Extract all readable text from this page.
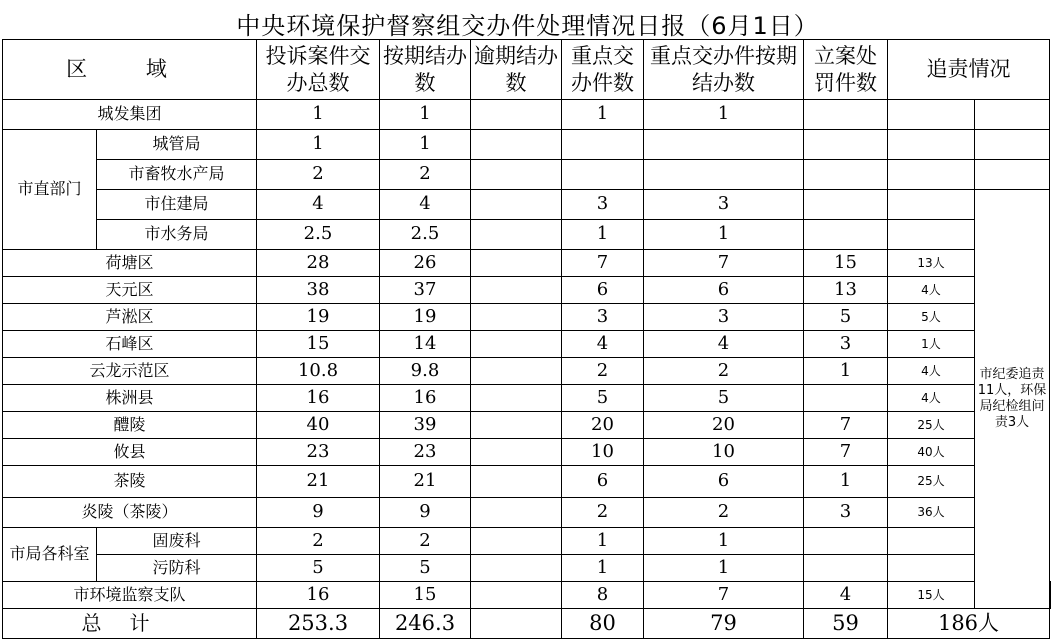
中央环境保护督察组交办件处理情况日报（6月1日）
区 域		投诉案件交办总数	按期结办数	逾期结办数	重点交办件数	重点交办件按期结办数	立案处罚件数	追责情况		
城发集团		1	1		1	1				
市直部门	城管局	1	1							
	市畜牧水产局	2	2							
	市住建局	4	4		3	3			市纪委追责11人，环保局纪检组问责3人	
	市水务局	2.5	2.5		1	1				
荷塘区		28	26		7	7	15	13人		
天元区		38	37		6	6	13	4人		
芦淞区		19	19		3	3	5	5人		
石峰区		15	14		4	4	3	1人		
云龙示范区		10.8	9.8		2	2	1	4人		
株洲县		16	16		5	5		4人		
醴陵		40	39		20	20	7	25人		
攸县		23	23		10	10	7	40人		
茶陵		21	21		6	6	1	25人		
炎陵（茶陵）		9	9		2	2	3	36人		
市局各科室	固废科	2	2		1	1				
	污防科	5	5		1	1				
市环境监察支队		16	15		8	7	4	15人		
总计		253.3	246.3		80	79	59	186人		
